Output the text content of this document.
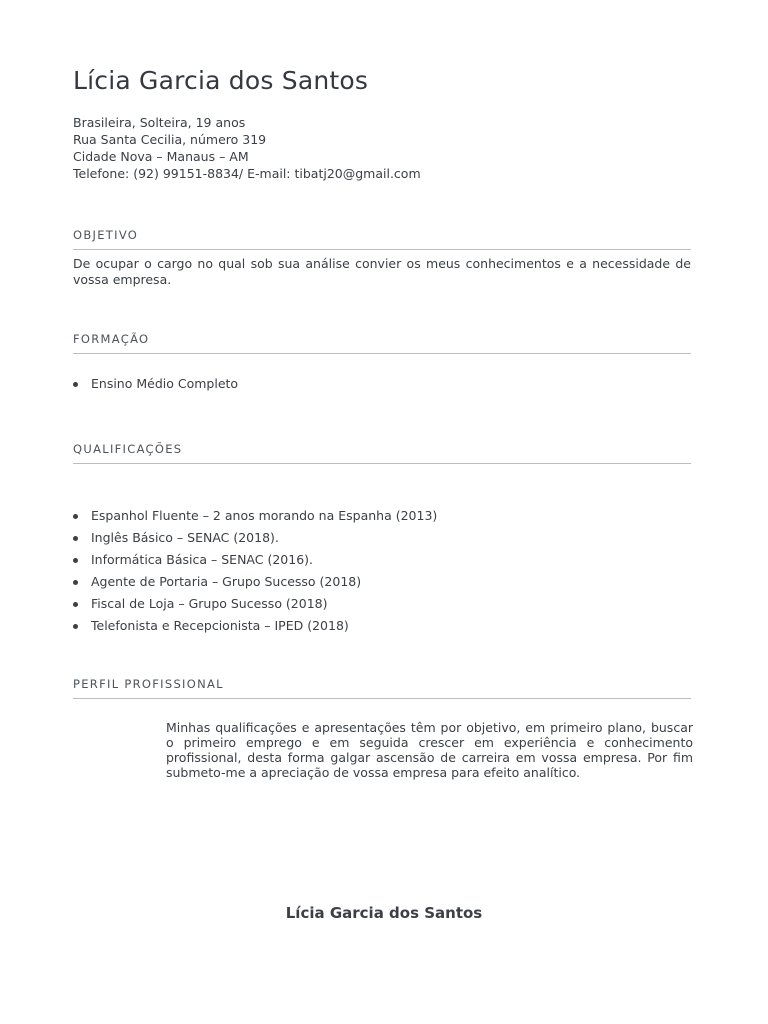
Lícia Garcia dos Santos
Brasileira, Solteira, 19 anos
Rua Santa Cecilia, número 319
Cidade Nova – Manaus – AM
Telefone: (92) 99151-8834/ E-mail: tibatj20@gmail.com
OBJETIVO
De ocupar o cargo no qual sob sua análise convier os meus conhecimentos e a necessidade de vossa empresa.
FORMAÇÃO
Ensino Médio Completo
QUALIFICAÇÕES
Espanhol Fluente – 2 anos morando na Espanha (2013)
Inglês Básico – SENAC (2018).
Informática Básica – SENAC (2016).
Agente de Portaria – Grupo Sucesso (2018)
Fiscal de Loja – Grupo Sucesso (2018)
Telefonista e Recepcionista – IPED (2018)
PERFIL PROFISSIONAL
Minhas qualificações e apresentações têm por objetivo, em primeiro plano, buscar o primeiro emprego e em seguida crescer em experiência e conhecimento profissional, desta forma galgar ascensão de carreira em vossa empresa. Por fim submeto-me a apreciação de vossa empresa para efeito analítico.
Lícia Garcia dos Santos
